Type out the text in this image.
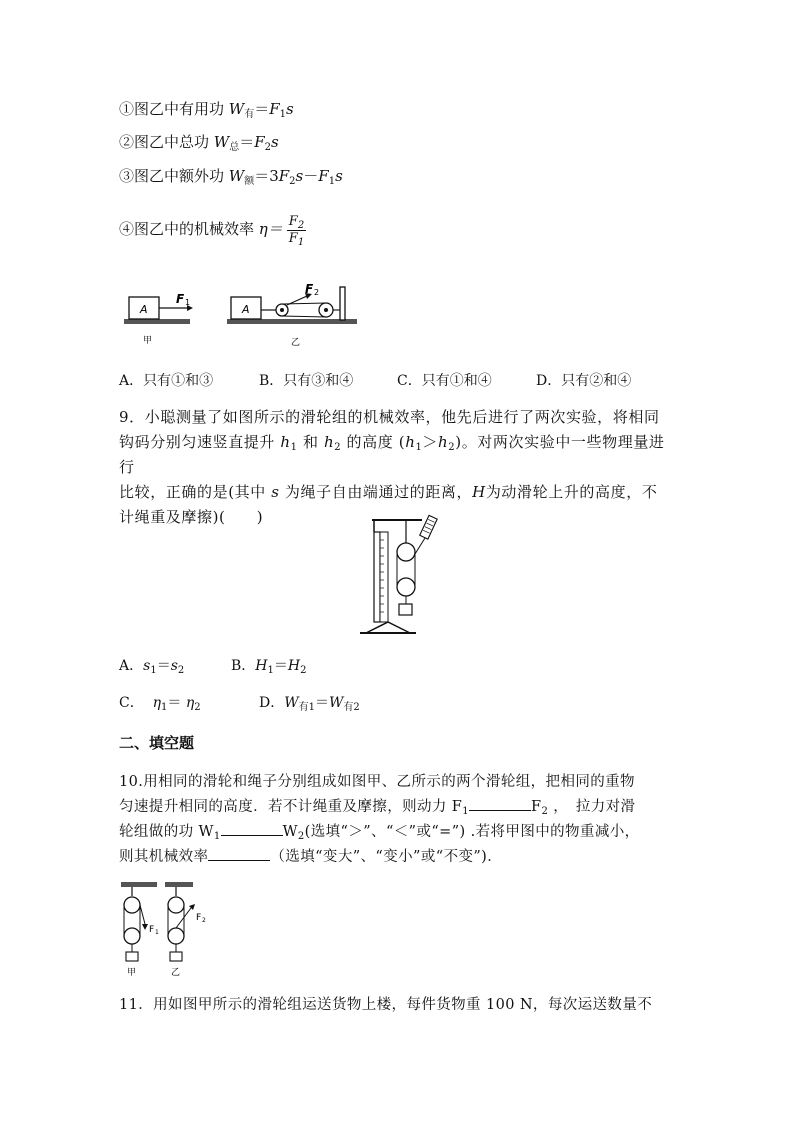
①图乙中有用功 $W_有=F_1s$
②图乙中总功 $W_总=F_2s$
③图乙中额外功 $W_额=3F_2s-F_1s$
④图乙中的机械效率 $\eta= \frac{F_2}{F_1}$
A
F 1
甲
A
F 2
乙
A．只有①和③	B．只有③和④	C．只有①和④	D．只有②和④
9．小聪测量了如图所示的滑轮组的机械效率，他先后进行了两次实验，将相同
钩码分别匀速竖直提升 $h_1$ 和 $h_2$ 的高度 $(h_1>h_2)$。对两次实验中一些物理量进行
比较，正确的是(其中 s 为绳子自由端通过的距离，H为动滑轮上升的高度，不
计绳重及摩擦)(　　)
A．$s_1=s_2$	B．$H_1=H_2$
C． $\eta_1= \eta_2$	D．$W_{有1}=W_{有2}$
二、填空题
10.用相同的滑轮和绳子分别组成如图甲、乙所示的两个滑轮组，把相同的重物
匀速提升相同的高度．若不计绳重及摩擦，则动力 $F_1$	$F_2$ ，　拉力对滑
轮组做的功 $W_1$	$W_2$(选填“＞”、“＜”或“=”) .若将甲图中的物重减小，
则其机械效率	（选填“变大”、“变小”或“不变”)．
F 1
甲
F 2
乙
11．用如图甲所示的滑轮组运送货物上楼，每件货物重 100 N，每次运送数量不
